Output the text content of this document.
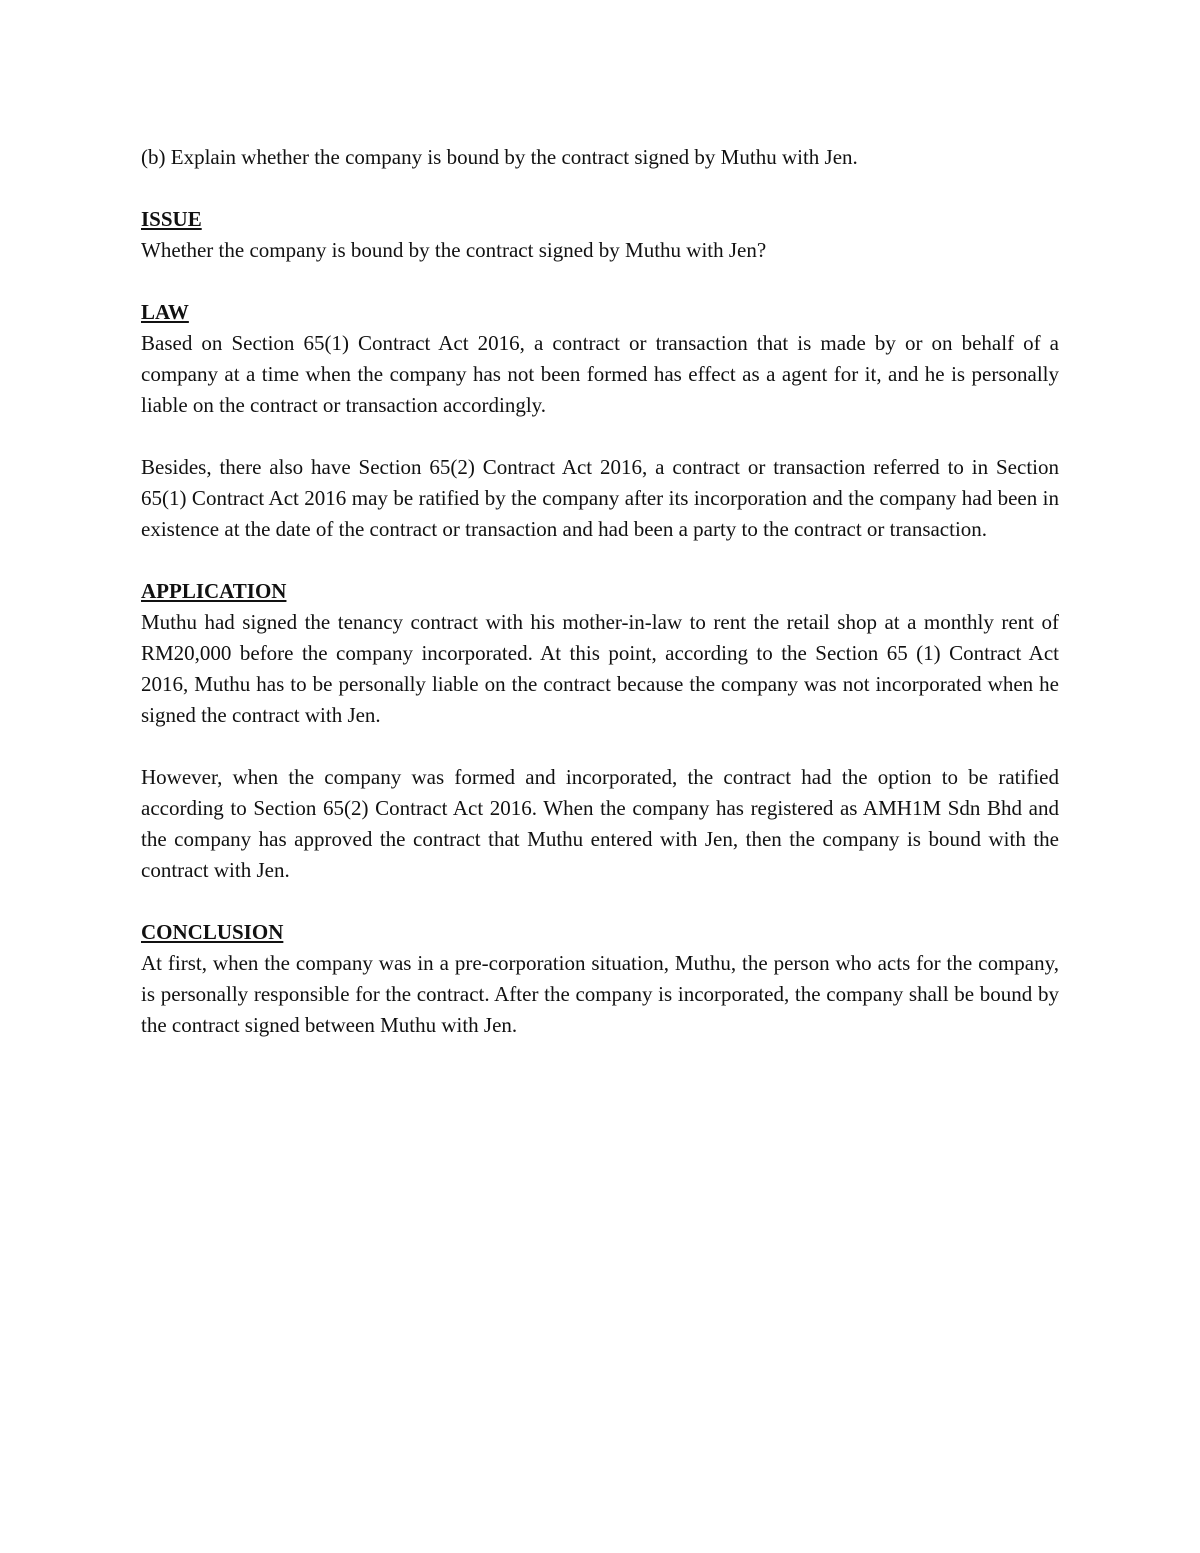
(b) Explain whether the company is bound by the contract signed by Muthu with Jen.

ISSUE

Whether the company is bound by the contract signed by Muthu with Jen?

LAW

Based on Section 65(1) Contract Act 2016, a contract or transaction that is made by or on behalf of a company at a time when the company has not been formed has effect as a agent for it, and he is personally liable on the contract or transaction accordingly.

Besides, there also have Section 65(2) Contract Act 2016, a contract or transaction referred to in Section 65(1) Contract Act 2016 may be ratified by the company after its incorporation and the company had been in existence at the date of the contract or transaction and had been a party to the contract or transaction.

APPLICATION

Muthu had signed the tenancy contract with his mother-in-law to rent the retail shop at a monthly rent of RM20,000 before the company incorporated. At this point, according to the Section 65 (1) Contract Act 2016, Muthu has to be personally liable on the contract because the company was not incorporated when he signed the contract with Jen.

However, when the company was formed and incorporated, the contract had the option to be ratified according to Section 65(2) Contract Act 2016. When the company has registered as AMH1M Sdn Bhd and the company has approved the contract that Muthu entered with Jen, then the company is bound with the contract with Jen.

CONCLUSION

At first, when the company was in a pre-corporation situation, Muthu, the person who acts for the company, is personally responsible for the contract. After the company is incorporated, the company shall be bound by the contract signed between Muthu with Jen.
